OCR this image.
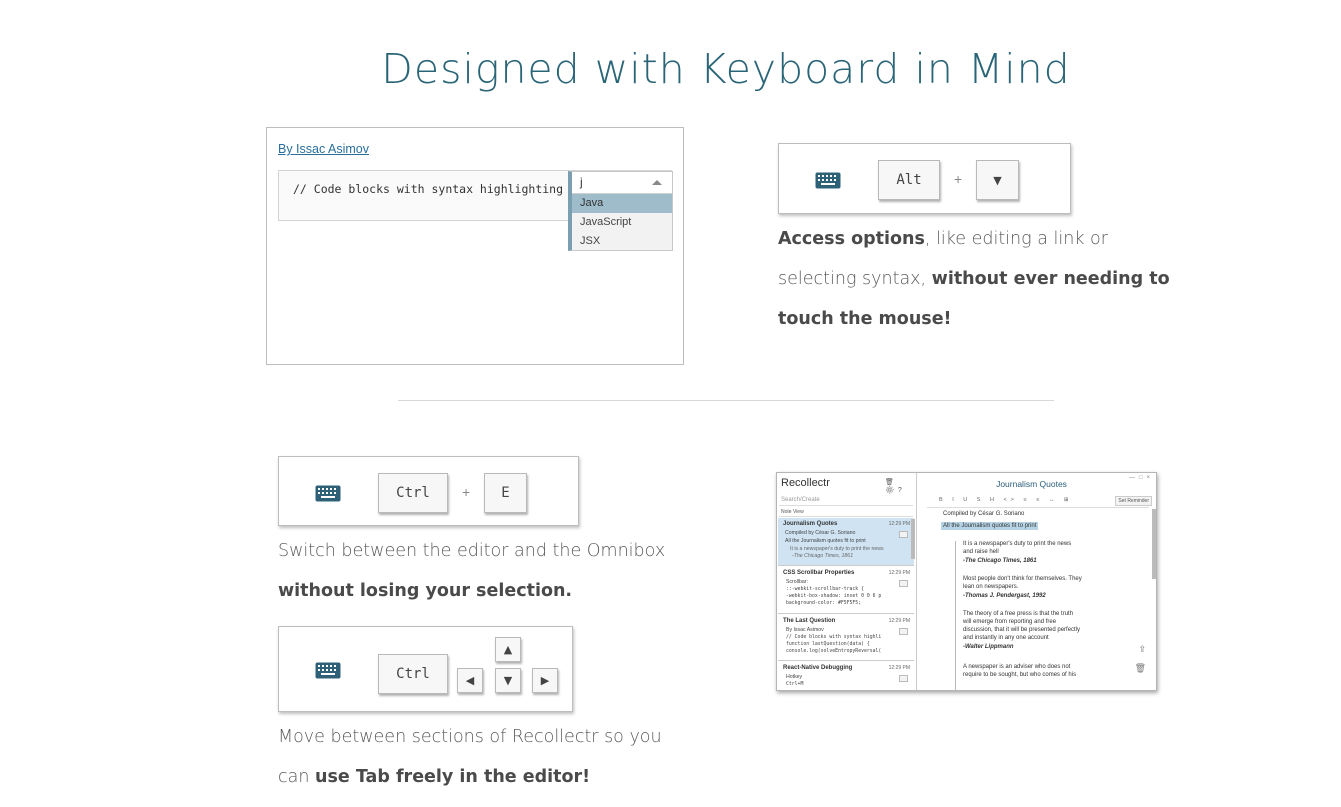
Designed with Keyboard in Mind
By Issac Asimov
// Code blocks with syntax highlighting j
Java
JavaScript
JSX
Alt	+	▼
Access options, like editing a link or selecting syntax, without ever needing to touch the mouse!
Ctrl	+	E
Switch between the editor and the Omnibox
without losing your selection.
Ctrl
▲
◀	▼	▶
Move between sections of Recollectr so you can use Tab freely in the editor!
Recollectr	🗑⚙?
Search/Create
Note View
Journalism Quotes	12:29 PM
Compiled by César G. Soriano
All the Journalism quotes fit to print
It is a newspaper's duty to print the news
-The Chicago Times, 1861
CSS Scrollbar Properties	12:29 PM
Scrollbar:
::-webkit-scrollbar-track {
-webkit-box-shadow: inset 0 0 6 p
background-color: #F5F5F5;
The Last Question	12:29 PM
By Issac Asimov
// Code blocks with syntax highli
function lastQuestion(data) {
console.log(solveEntropyReversal(
React-Native Debugging	12:29 PM
Hotkey
Ctrl+M
Journalism Quotes
—□×
B I U S H <> ≡ ≡ ↔ ⊞	Set Reminder
Compiled by César G. Soriano
All the Journalism quotes fit to print
It is a newspaper's duty to print the news
and raise hell
-The Chicago Times, 1861
Most people don't think for themselves. They
lean on newspapers.
-Thomas J. Pendergast, 1992
The theory of a free press is that the truth
will emerge from reporting and free
discussion, that it will be presented perfectly
and instantly in any one account
-Walter Lippmann
A newspaper is an adviser who does not
require to be sought, but who comes of his
⇪
🗑
